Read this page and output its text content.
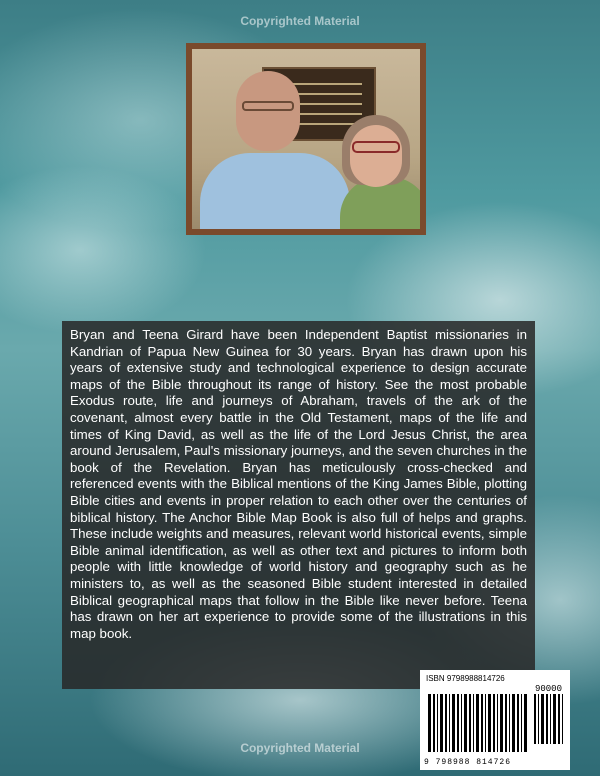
Copyrighted Material

Bryan and Teena Girard have been Independent Baptist missionaries in Kandrian of Papua New Guinea for 30 years. Bryan has drawn upon his years of extensive study and technological experience to design accurate maps of the Bible throughout its range of history. See the most probable Exodus route, life and journeys of Abraham, travels of the ark of the covenant, almost every battle in the Old Testament, maps of the life and times of King David, as well as the life of the Lord Jesus Christ, the area around Jerusalem, Paul's missionary journeys, and the seven churches in the book of the Revelation. Bryan has meticulously cross-checked and referenced events with the Biblical mentions of the King James Bible, plotting Bible cities and events in proper relation to each other over the centuries of biblical history. The Anchor Bible Map Book is also full of helps and graphs. These include weights and measures, relevant world historical events, simple Bible animal identification, as well as other text and pictures to inform both people with little knowledge of world history and geography such as he ministers to, as well as the seasoned Bible student interested in detailed Biblical geographical maps that follow in the Bible like never before. Teena has drawn on her art experience to provide some of the illustrations in this map book.

Copyrighted Material
ISBN 9798988814726
90000
9 798988 814726
